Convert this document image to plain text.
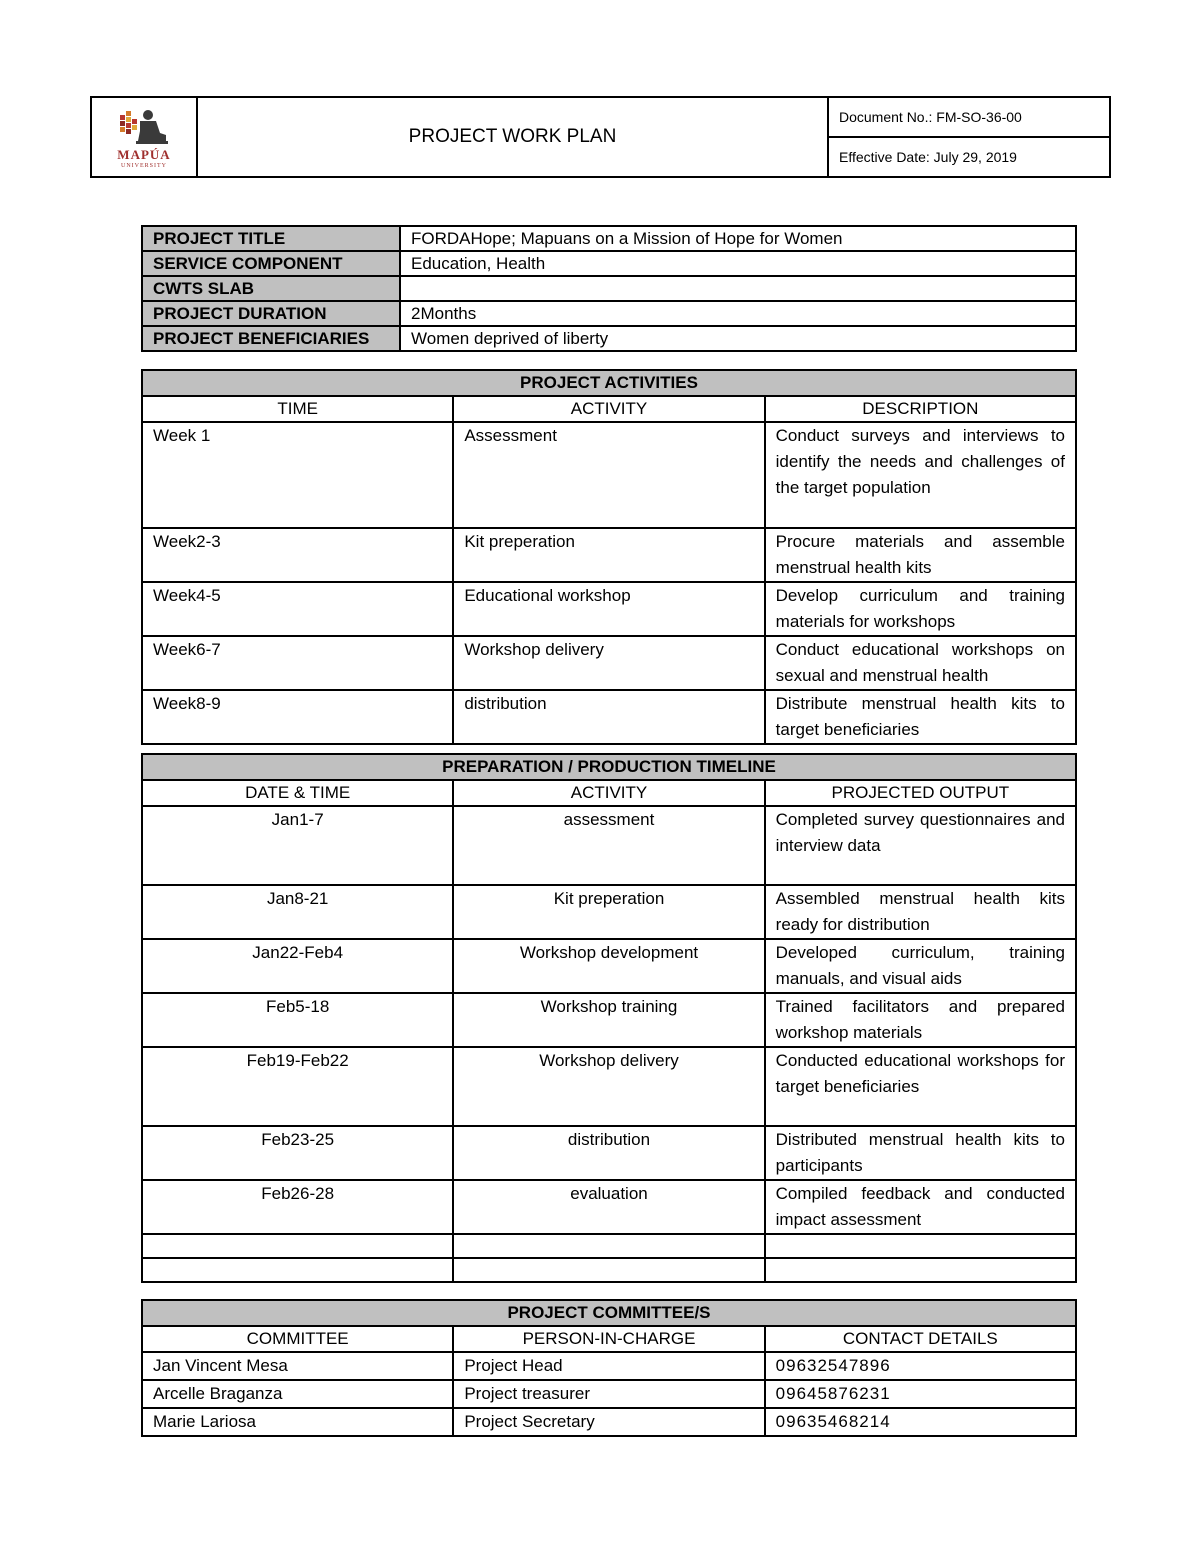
MAPÚA
UNIVERSITY
PROJECT WORK PLAN
Document No.: FM-SO-36-00
Effective Date: July 29, 2019
PROJECT TITLE	FORDAHope; Mapuans on a Mission of Hope for Women
SERVICE COMPONENT	Education, Health
CWTS SLAB	
PROJECT DURATION	2Months
PROJECT BENEFICIARIES	Women deprived of liberty
PROJECT ACTIVITIES		
TIME	ACTIVITY	DESCRIPTION
Week 1	Assessment	Conduct surveys and interviews to identify the needs and challenges of the target population
Week2-3	Kit preperation	Procure materials and assemble menstrual health kits
Week4-5	Educational workshop	Develop curriculum and training materials for workshops
Week6-7	Workshop delivery	Conduct educational workshops on sexual and menstrual health
Week8-9	distribution	Distribute menstrual health kits to target beneficiaries
PREPARATION / PRODUCTION TIMELINE		
DATE & TIME	ACTIVITY	PROJECTED OUTPUT
Jan1-7	assessment	Completed survey questionnaires and interview data
Jan8-21	Kit preperation	Assembled menstrual health kits ready for distribution
Jan22-Feb4	Workshop development	Developed curriculum, training manuals, and visual aids
Feb5-18	Workshop training	Trained facilitators and prepared workshop materials
Feb19-Feb22	Workshop delivery	Conducted educational workshops for target beneficiaries
Feb23-25	distribution	Distributed menstrual health kits to participants
Feb26-28	evaluation	Compiled feedback and conducted impact assessment

PROJECT COMMITTEE/S		
COMMITTEE	PERSON-IN-CHARGE	CONTACT DETAILS
Jan Vincent Mesa	Project Head	09632547896
Arcelle Braganza	Project treasurer	09645876231
Marie Lariosa	Project Secretary	09635468214
